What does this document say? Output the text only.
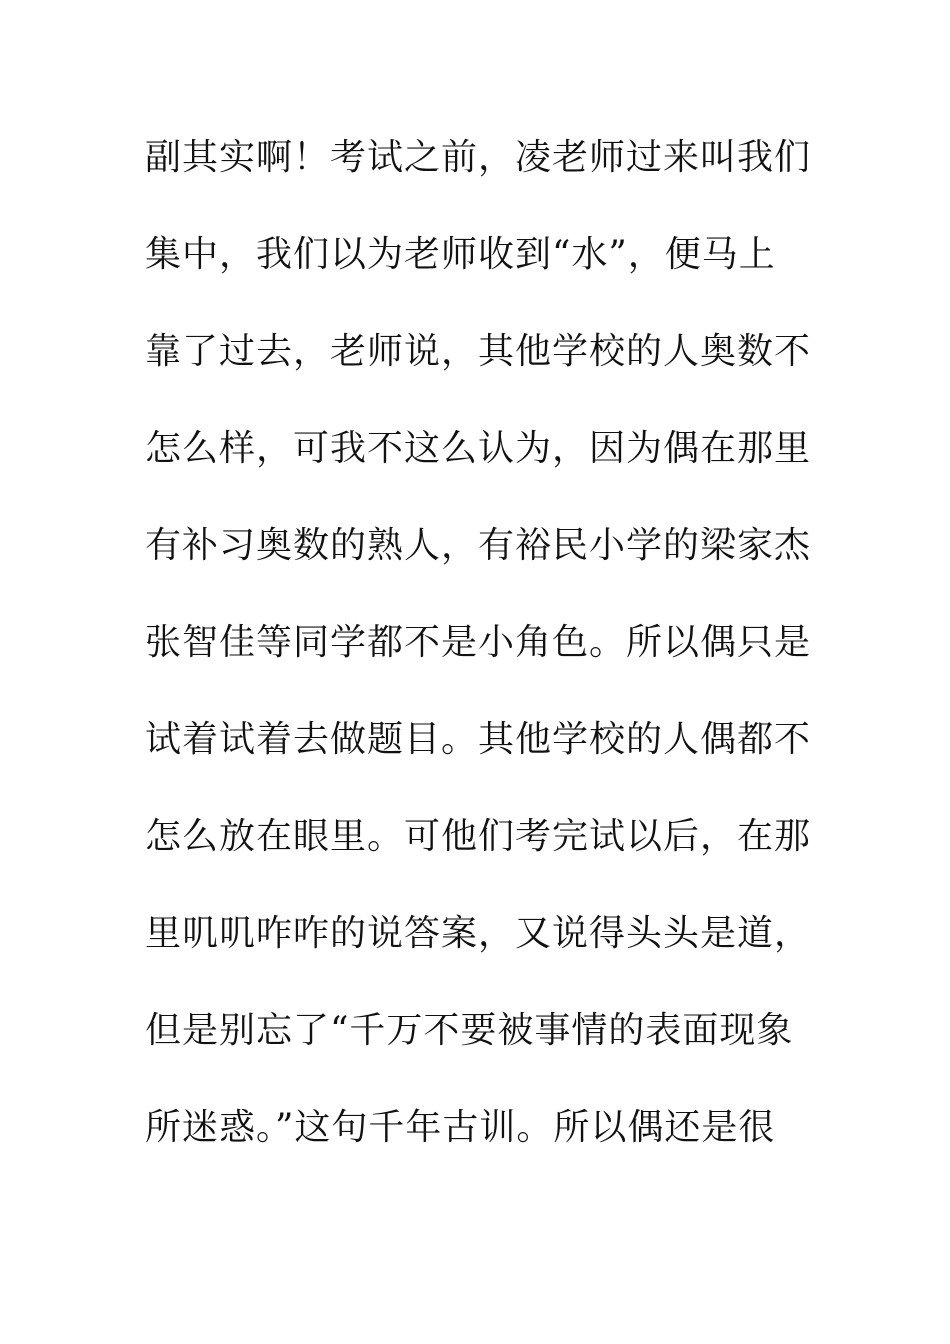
副其实啊！考试之前，凌老师过来叫我们
集中，我们以为老师收到“水”，便马上
靠了过去，老师说，其他学校的人奥数不
怎么样，可我不这么认为，因为偶在那里
有补习奥数的熟人，有裕民小学的梁家杰
张智佳等同学都不是小角色。所以偶只是
试着试着去做题目。其他学校的人偶都不
怎么放在眼里。可他们考完试以后，在那
里叽叽咋咋的说答案，又说得头头是道，
但是别忘了“千万不要被事情的表面现象
所迷惑。”这句千年古训。所以偶还是很
